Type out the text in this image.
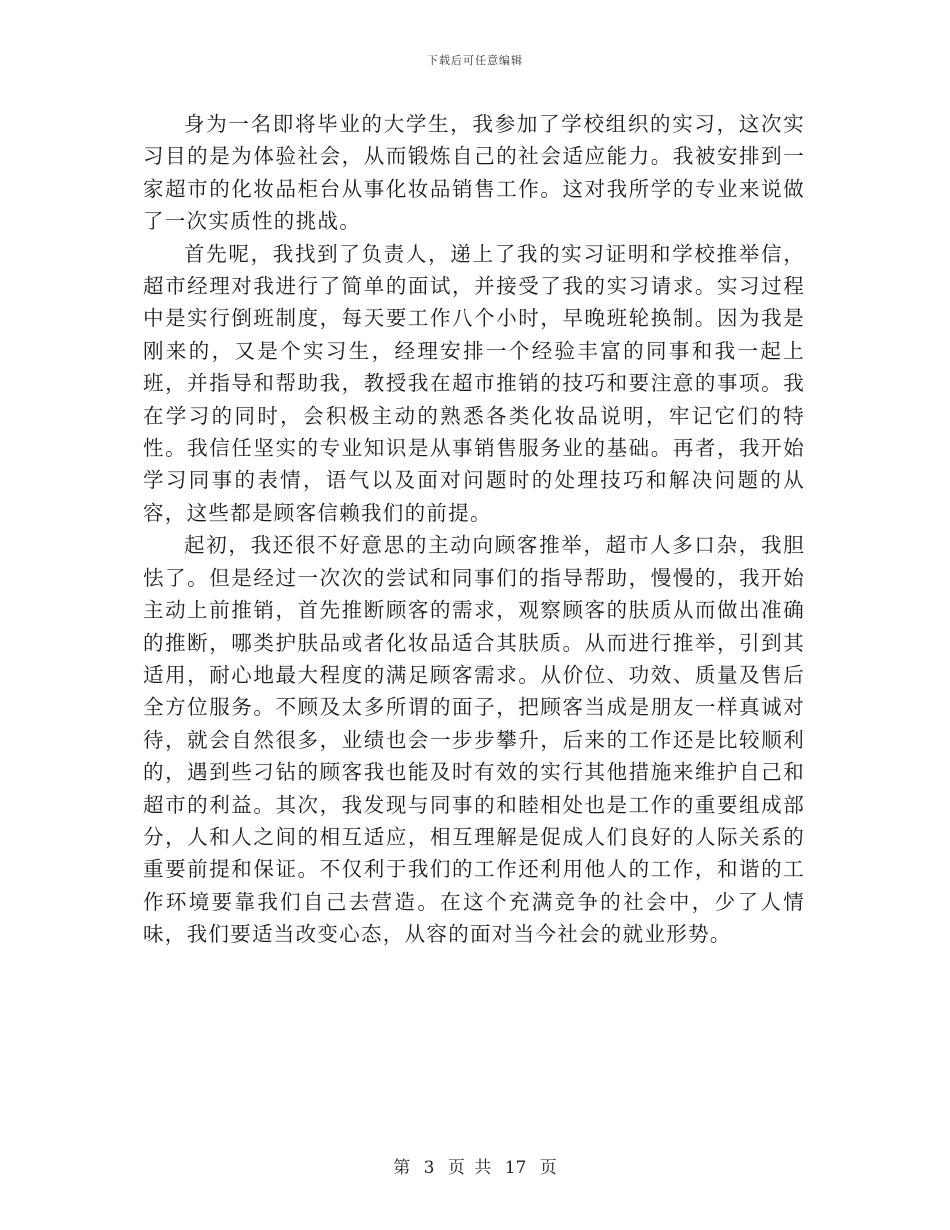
下载后可任意编辑

身为一名即将毕业的大学生，我参加了学校组织的实习，这次实习目的是为体验社会，从而锻炼自己的社会适应能力。我被安排到一家超市的化妆品柜台从事化妆品销售工作。这对我所学的专业来说做了一次实质性的挑战。

首先呢，我找到了负责人，递上了我的实习证明和学校推举信，超市经理对我进行了简单的面试，并接受了我的实习请求。实习过程中是实行倒班制度，每天要工作八个小时，早晚班轮换制。因为我是刚来的，又是个实习生，经理安排一个经验丰富的同事和我一起上班，并指导和帮助我，教授我在超市推销的技巧和要注意的事项。我在学习的同时，会积极主动的熟悉各类化妆品说明，牢记它们的特性。我信任坚实的专业知识是从事销售服务业的基础。再者，我开始学习同事的表情，语气以及面对问题时的处理技巧和解决问题的从容，这些都是顾客信赖我们的前提。

起初，我还很不好意思的主动向顾客推举，超市人多口杂，我胆怯了。但是经过一次次的尝试和同事们的指导帮助，慢慢的，我开始主动上前推销，首先推断顾客的需求，观察顾客的肤质从而做出准确的推断，哪类护肤品或者化妆品适合其肤质。从而进行推举，引到其适用，耐心地最大程度的满足顾客需求。从价位、功效、质量及售后全方位服务。不顾及太多所谓的面子，把顾客当成是朋友一样真诚对待，就会自然很多，业绩也会一步步攀升，后来的工作还是比较顺利的，遇到些刁钻的顾客我也能及时有效的实行其他措施来维护自己和超市的利益。其次，我发现与同事的和睦相处也是工作的重要组成部分，人和人之间的相互适应，相互理解是促成人们良好的人际关系的重要前提和保证。不仅利于我们的工作还利用他人的工作，和谐的工作环境要靠我们自己去营造。在这个充满竞争的社会中，少了人情味，我们要适当改变心态，从容的面对当今社会的就业形势。

第 3 页 共 17 页
